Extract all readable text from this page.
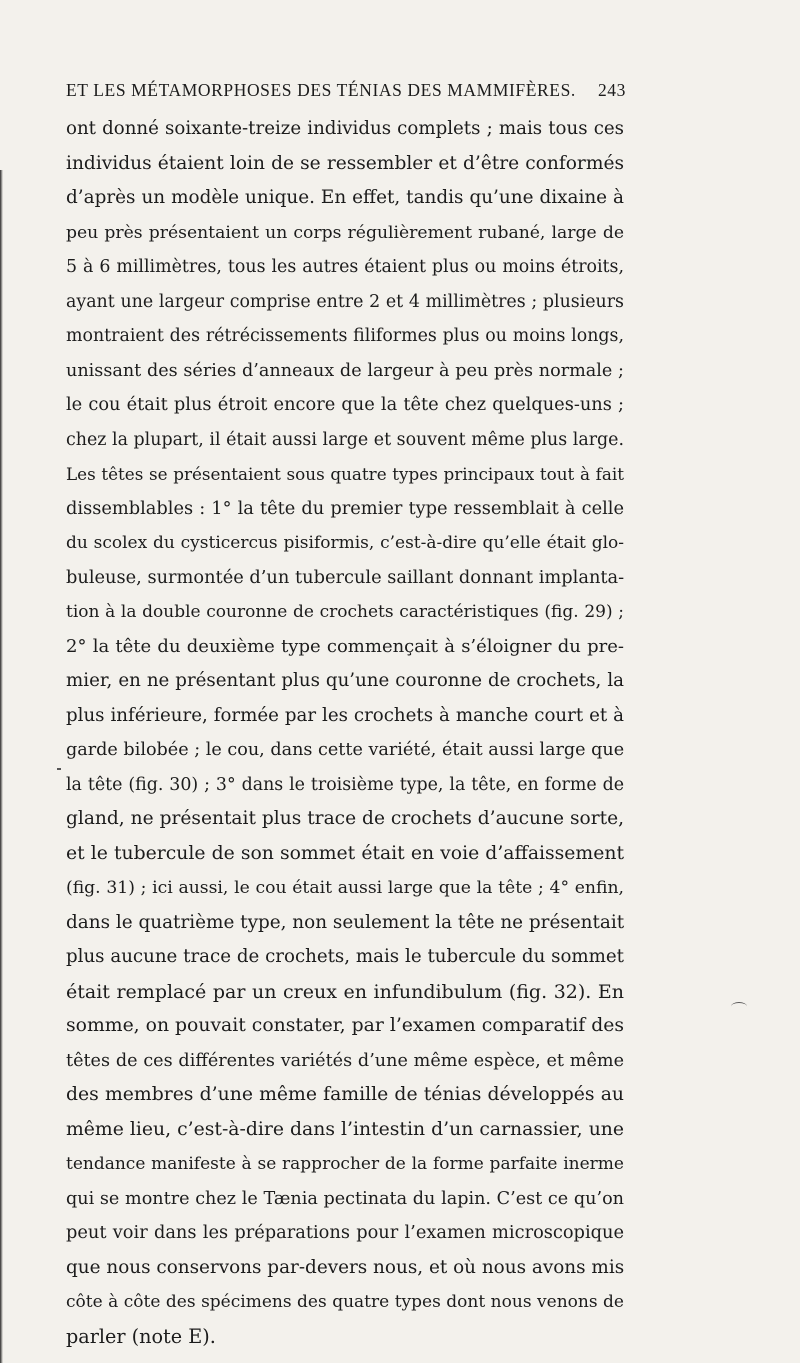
ET LES MÉTAMORPHOSES DES TÉNIAS DES MAMMIFÈRES. 243
ont donné soixante-treize individus complets ; mais tous ces
individus étaient loin de se ressembler et d’être conformés
d’après un modèle unique. En effet, tandis qu’une dixaine à
peu près présentaient un corps régulièrement rubané, large de
5 à 6 millimètres, tous les autres étaient plus ou moins étroits,
ayant une largeur comprise entre 2 et 4 millimètres ; plusieurs
montraient des rétrécissements filiformes plus ou moins longs,
unissant des séries d’anneaux de largeur à peu près normale ;
le cou était plus étroit encore que la tête chez quelques-uns ;
chez la plupart, il était aussi large et souvent même plus large.
Les têtes se présentaient sous quatre types principaux tout à fait
dissemblables : 1° la tête du premier type ressemblait à celle
du scolex du cysticercus pisiformis, c’est-à-dire qu’elle était glo-
buleuse, surmontée d’un tubercule saillant donnant implanta-
tion à la double couronne de crochets caractéristiques (fig. 29) ;
2° la tête du deuxième type commençait à s’éloigner du pre-
mier, en ne présentant plus qu’une couronne de crochets, la
plus inférieure, formée par les crochets à manche court et à
garde bilobée ; le cou, dans cette variété, était aussi large que
la tête (fig. 30) ; 3° dans le troisième type, la tête, en forme de
gland, ne présentait plus trace de crochets d’aucune sorte,
et le tubercule de son sommet était en voie d’affaissement
(fig. 31) ; ici aussi, le cou était aussi large que la tête ; 4° enfin,
dans le quatrième type, non seulement la tête ne présentait
plus aucune trace de crochets, mais le tubercule du sommet
était remplacé par un creux en infundibulum (fig. 32). En
somme, on pouvait constater, par l’examen comparatif des
têtes de ces différentes variétés d’une même espèce, et même
des membres d’une même famille de ténias développés au
même lieu, c’est-à-dire dans l’intestin d’un carnassier, une
tendance manifeste à se rapprocher de la forme parfaite inerme
qui se montre chez le Tænia pectinata du lapin. C’est ce qu’on
peut voir dans les préparations pour l’examen microscopique
que nous conservons par-devers nous, et où nous avons mis
côte à côte des spécimens des quatre types dont nous venons de
parler (note E).
